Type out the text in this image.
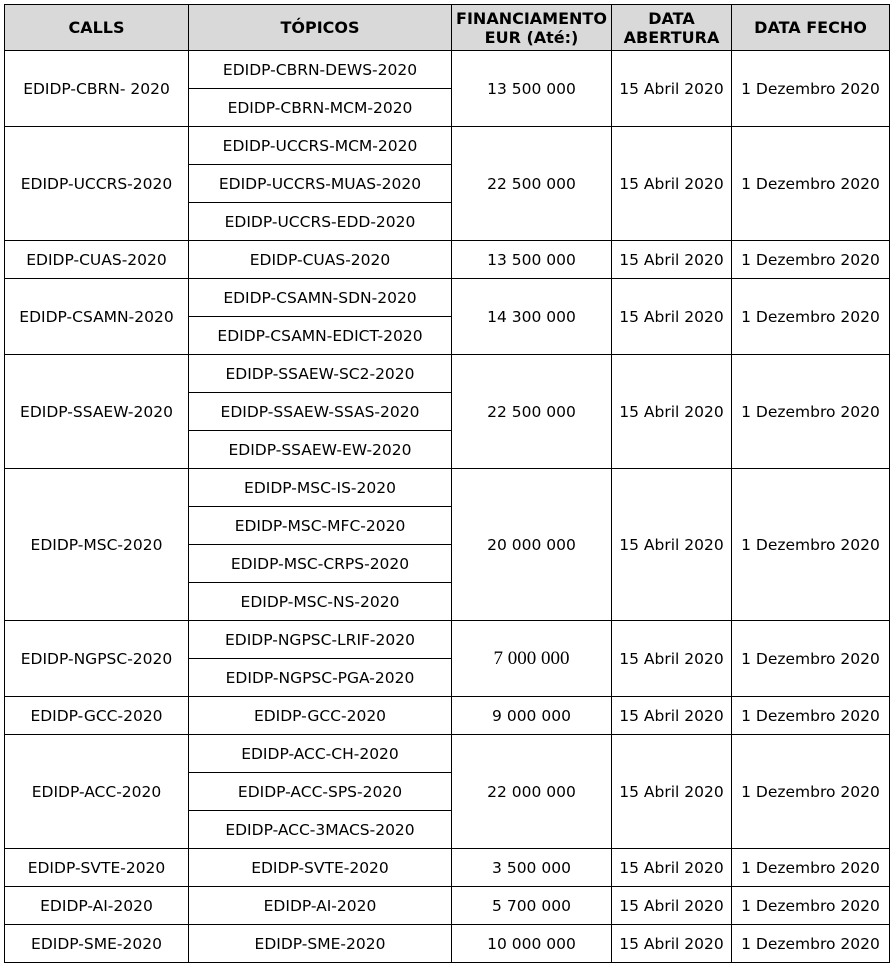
CALLS	TÓPICOS	FINANCIAMENTO EUR (Até:)	DATA ABERTURA	DATA FECHO
EDIDP-CBRN- 2020	EDIDP-CBRN-DEWS-2020	13 500 000	15 Abril 2020	1 Dezembro 2020
	EDIDP-CBRN-MCM-2020			
EDIDP-UCCRS-2020	EDIDP-UCCRS-MCM-2020	22 500 000	15 Abril 2020	1 Dezembro 2020
	EDIDP-UCCRS-MUAS-2020			
	EDIDP-UCCRS-EDD-2020			
EDIDP-CUAS-2020	EDIDP-CUAS-2020	13 500 000	15 Abril 2020	1 Dezembro 2020
EDIDP-CSAMN-2020	EDIDP-CSAMN-SDN-2020	14 300 000	15 Abril 2020	1 Dezembro 2020
	EDIDP-CSAMN-EDICT-2020			
EDIDP-SSAEW-2020	EDIDP-SSAEW-SC2-2020	22 500 000	15 Abril 2020	1 Dezembro 2020
	EDIDP-SSAEW-SSAS-2020			
	EDIDP-SSAEW-EW-2020			
EDIDP-MSC-2020	EDIDP-MSC-IS-2020	20 000 000	15 Abril 2020	1 Dezembro 2020
	EDIDP-MSC-MFC-2020			
	EDIDP-MSC-CRPS-2020			
	EDIDP-MSC-NS-2020			
EDIDP-NGPSC-2020	EDIDP-NGPSC-LRIF-2020	7 000 000	15 Abril 2020	1 Dezembro 2020
	EDIDP-NGPSC-PGA-2020			
EDIDP-GCC-2020	EDIDP-GCC-2020	9 000 000	15 Abril 2020	1 Dezembro 2020
EDIDP-ACC-2020	EDIDP-ACC-CH-2020	22 000 000	15 Abril 2020	1 Dezembro 2020
	EDIDP-ACC-SPS-2020			
	EDIDP-ACC-3MACS-2020			
EDIDP-SVTE-2020	EDIDP-SVTE-2020	3 500 000	15 Abril 2020	1 Dezembro 2020
EDIDP-AI-2020	EDIDP-AI-2020	5 700 000	15 Abril 2020	1 Dezembro 2020
EDIDP-SME-2020	EDIDP-SME-2020	10 000 000	15 Abril 2020	1 Dezembro 2020
